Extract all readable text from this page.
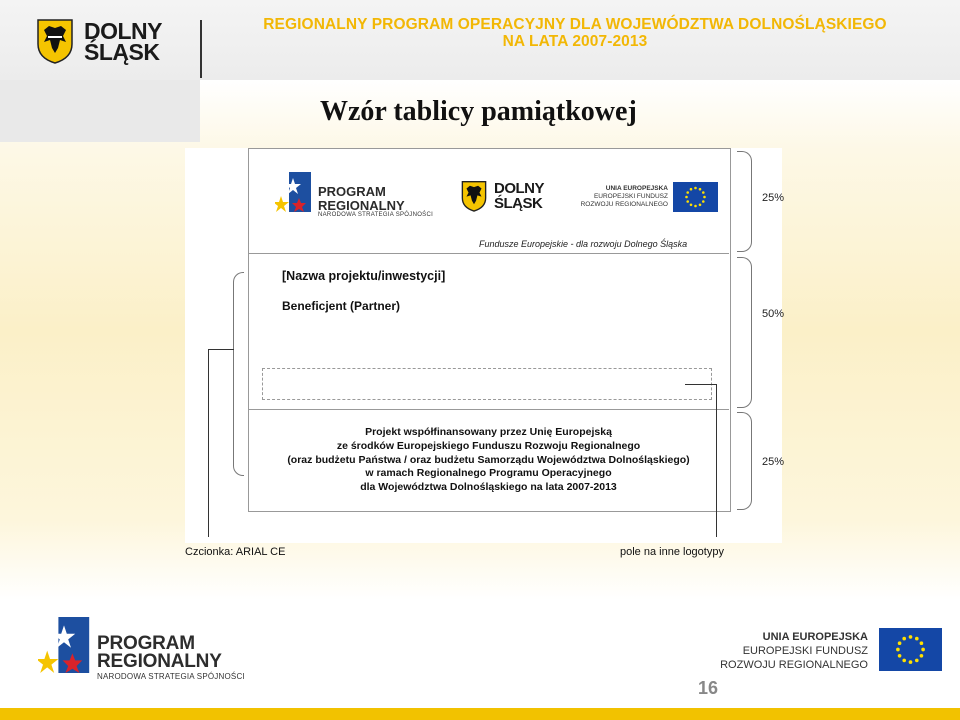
DOLNY
ŚLĄSK
REGIONALNY PROGRAM OPERACYJNY DLA WOJEWÓDZTWA DOLNOŚLĄSKIEGO
NA LATA 2007-2013
Wzór tablicy pamiątkowej
PROGRAM
REGIONALNY
NARODOWA STRATEGIA SPÓJNOŚCI
DOLNY
ŚLĄSK
UNIA EUROPEJSKA
EUROPEJSKI FUNDUSZ
ROZWOJU REGIONALNEGO
Fundusze Europejskie - dla rozwoju Dolnego Śląska
[Nazwa projektu/inwestycji]
Beneficjent (Partner)
Projekt współfinansowany przez Unię Europejską
ze środków Europejskiego Funduszu Rozwoju Regionalnego
(oraz budżetu Państwa / oraz budżetu Samorządu Województwa Dolnośląskiego)
w ramach Regionalnego Programu Operacyjnego
dla Województwa Dolnośląskiego na lata 2007-2013
25%
50%
25%
Czcionka: ARIAL CE	pole na inne logotypy
PROGRAM
REGIONALNY
NARODOWA STRATEGIA SPÓJNOŚCI
UNIA EUROPEJSKA
EUROPEJSKI FUNDUSZ
ROZWOJU REGIONALNEGO
16
